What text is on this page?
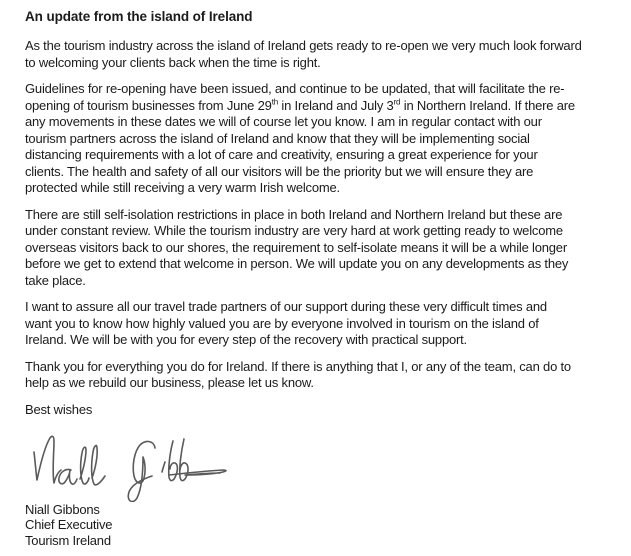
An update from the island of Ireland
As the tourism industry across the island of Ireland gets ready to re-open we very much look forward
to welcoming your clients back when the time is right.
Guidelines for re-opening have been issued, and continue to be updated, that will facilitate the re-
opening of tourism businesses from June 29th in Ireland and July 3rd in Northern Ireland. If there are
any movements in these dates we will of course let you know. I am in regular contact with our
tourism partners across the island of Ireland and know that they will be implementing social
distancing requirements with a lot of care and creativity, ensuring a great experience for your
clients. The health and safety of all our visitors will be the priority but we will ensure they are
protected while still receiving a very warm Irish welcome.
There are still self-isolation restrictions in place in both Ireland and Northern Ireland but these are
under constant review. While the tourism industry are very hard at work getting ready to welcome
overseas visitors back to our shores, the requirement to self-isolate means it will be a while longer
before we get to extend that welcome in person. We will update you on any developments as they
take place.
I want to assure all our travel trade partners of our support during these very difficult times and
want you to know how highly valued you are by everyone involved in tourism on the island of
Ireland. We will be with you for every step of the recovery with practical support.
Thank you for everything you do for Ireland. If there is anything that I, or any of the team, can do to
help as we rebuild our business, please let us know.
Best wishes
Niall Gibbons
Chief Executive
Tourism Ireland
